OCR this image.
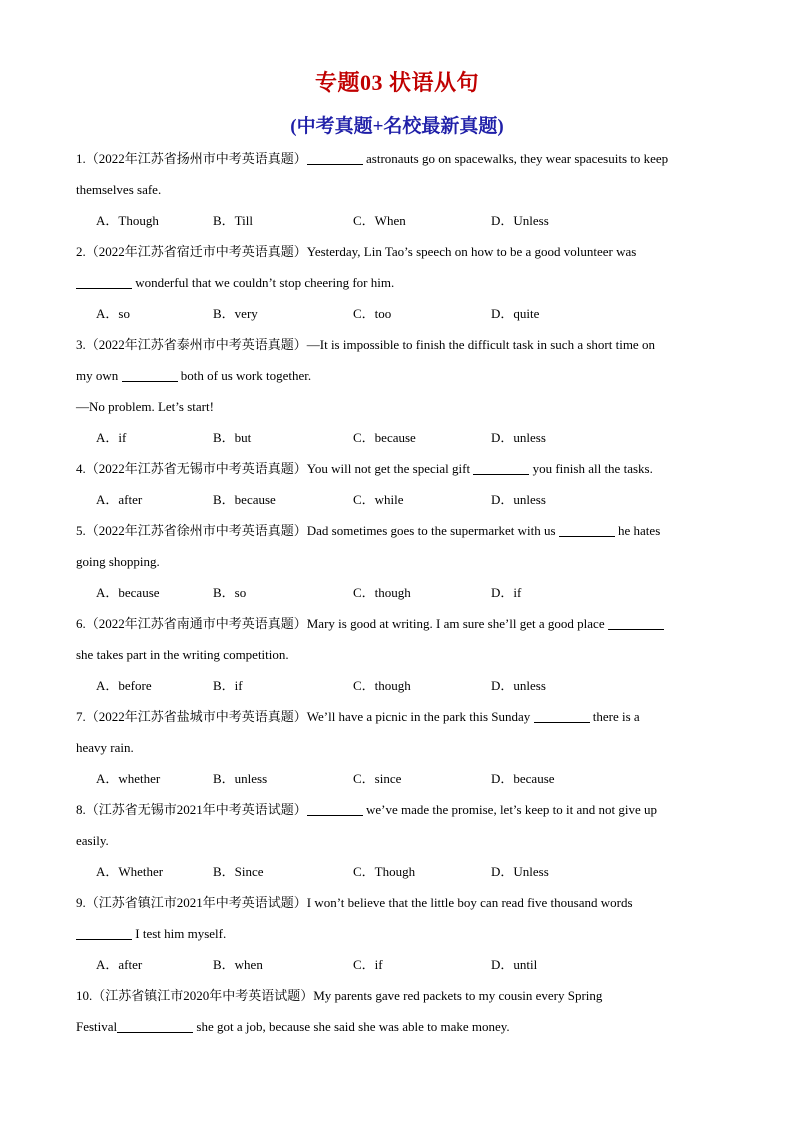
专题03 状语从句
(中考真题+名校最新真题)
1.（2022年江苏省扬州市中考英语真题）	astronauts go on spacewalks, they wear spacesuits to keep
themselves safe.
A．Though	B．Till	C．When	D．Unless
2.（2022年江苏省宿迁市中考英语真题）Yesterday, Lin Tao’s speech on how to be a good volunteer was
wonderful that we couldn’t stop cheering for him.
A．so	B．very	C．too	D．quite
3.（2022年江苏省泰州市中考英语真题）—It is impossible to finish the difficult task in such a short time on
my own	both of us work together.
—No problem. Let’s start!
A．if	B．but	C．because	D．unless
4.（2022年江苏省无锡市中考英语真题）You will not get the special gift	you finish all the tasks.
A．after	B．because	C．while	D．unless
5.（2022年江苏省徐州市中考英语真题）Dad sometimes goes to the supermarket with us	he hates
going shopping.
A．because	B．so	C．though	D．if
6.（2022年江苏省南通市中考英语真题）Mary is good at writing. I am sure she’ll get a good place
she takes part in the writing competition.
A．before	B．if	C．though	D．unless
7.（2022年江苏省盐城市中考英语真题）We’ll have a picnic in the park this Sunday	there is a
heavy rain.
A．whether	B．unless	C．since	D．because
8.（江苏省无锡市2021年中考英语试题）	we’ve made the promise, let’s keep to it and not give up
easily.
A．Whether	B．Since	C．Though	D．Unless
9.（江苏省镇江市2021年中考英语试题）I won’t believe that the little boy can read five thousand words
I test him myself.
A．after	B．when	C．if	D．until
10.（江苏省镇江市2020年中考英语试题）My parents gave red packets to my cousin every Spring
Festival	she got a job, because she said she was able to make money.
